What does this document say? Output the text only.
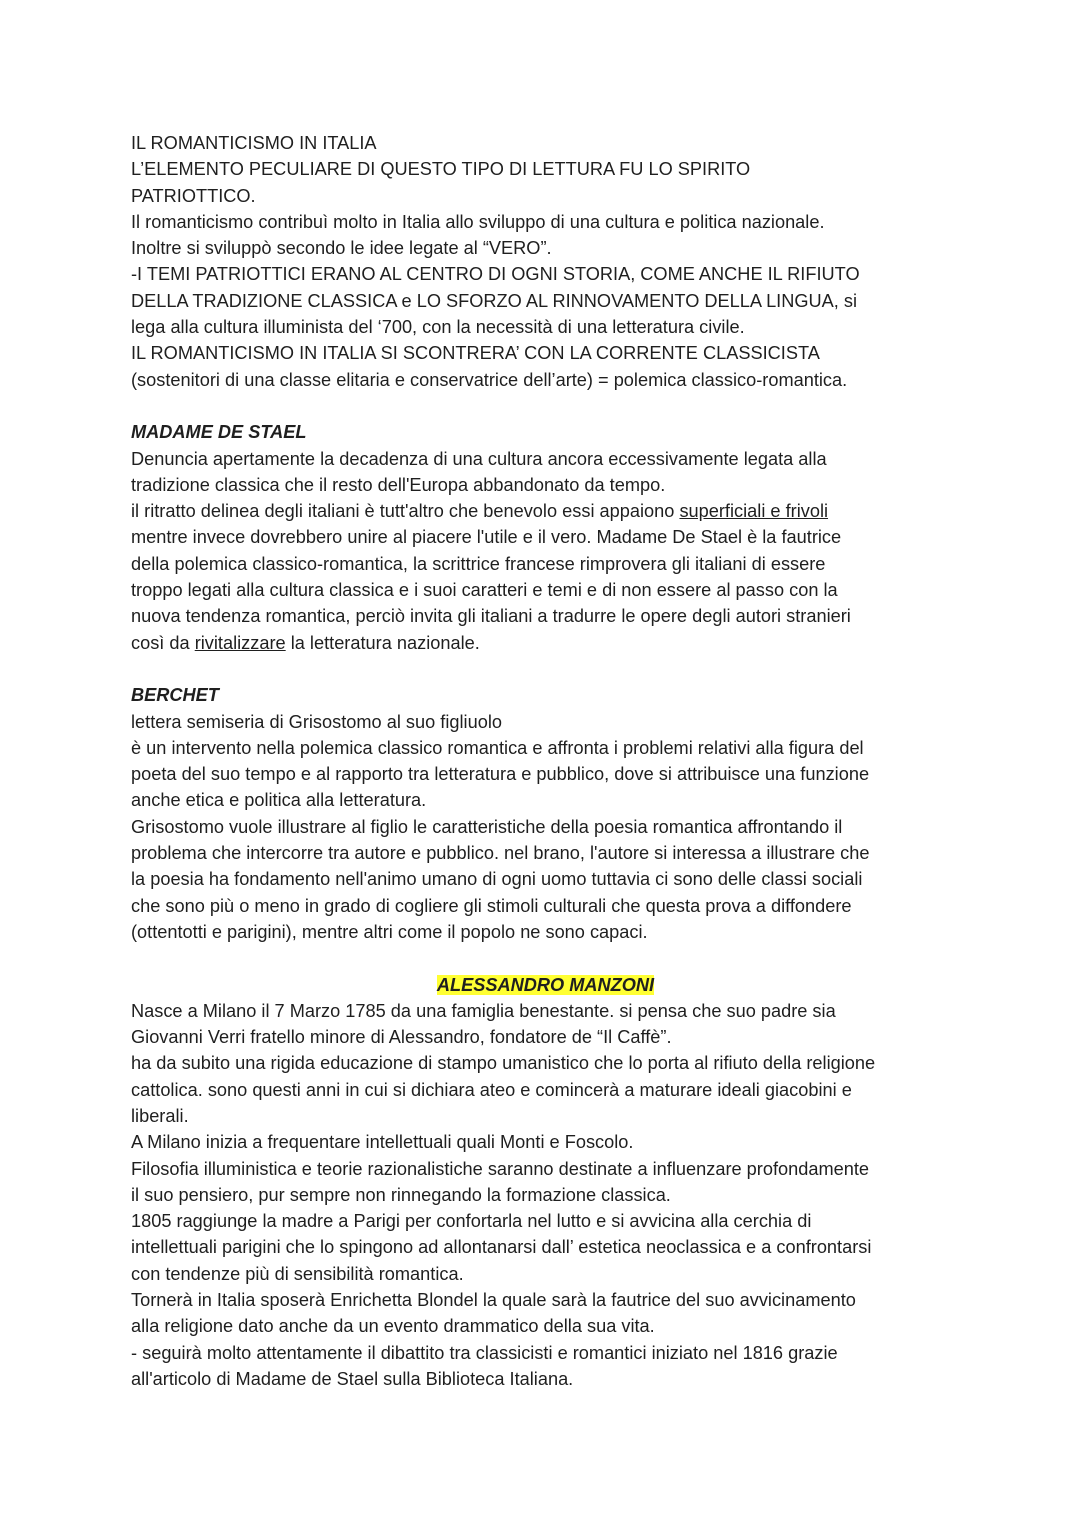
IL ROMANTICISMO IN ITALIA
L’ELEMENTO PECULIARE DI QUESTO TIPO DI LETTURA FU LO SPIRITO
PATRIOTTICO.
Il romanticismo contribuì molto in Italia allo sviluppo di una cultura e politica nazionale.
Inoltre si sviluppò secondo le idee legate al “VERO”.
-I TEMI PATRIOTTICI ERANO AL CENTRO DI OGNI STORIA, COME ANCHE IL RIFIUTO
DELLA TRADIZIONE CLASSICA e LO SFORZO AL RINNOVAMENTO DELLA LINGUA, si
lega alla cultura illuminista del ‘700, con la necessità di una letteratura civile.
IL ROMANTICISMO IN ITALIA SI SCONTRERA’ CON LA CORRENTE CLASSICISTA
(sostenitori di una classe elitaria e conservatrice dell’arte) = polemica classico-romantica.
MADAME DE STAEL
Denuncia apertamente la decadenza di una cultura ancora eccessivamente legata alla
tradizione classica che il resto dell'Europa abbandonato da tempo.
il ritratto delinea degli italiani è tutt'altro che benevolo essi appaiono superficiali e frivoli
mentre invece dovrebbero unire al piacere l'utile e il vero. Madame De Stael è la fautrice
della polemica classico-romantica, la scrittrice francese rimprovera gli italiani di essere
troppo legati alla cultura classica e i suoi caratteri e temi e di non essere al passo con la
nuova tendenza romantica, perciò invita gli italiani a tradurre le opere degli autori stranieri
così da rivitalizzare la letteratura nazionale.
BERCHET
lettera semiseria di Grisostomo al suo figliuolo
è un intervento nella polemica classico romantica e affronta i problemi relativi alla figura del
poeta del suo tempo e al rapporto tra letteratura e pubblico, dove si attribuisce una funzione
anche etica e politica alla letteratura.
Grisostomo vuole illustrare al figlio le caratteristiche della poesia romantica affrontando il
problema che intercorre tra autore e pubblico. nel brano, l'autore si interessa a illustrare che
la poesia ha fondamento nell'animo umano di ogni uomo tuttavia ci sono delle classi sociali
che sono più o meno in grado di cogliere gli stimoli culturali che questa prova a diffondere
(ottentotti e parigini), mentre altri come il popolo ne sono capaci.
ALESSANDRO MANZONI
Nasce a Milano il 7 Marzo 1785 da una famiglia benestante. si pensa che suo padre sia
Giovanni Verri fratello minore di Alessandro, fondatore de “Il Caffè”.
ha da subito una rigida educazione di stampo umanistico che lo porta al rifiuto della religione
cattolica. sono questi anni in cui si dichiara ateo e comincerà a maturare ideali giacobini e
liberali.
A Milano inizia a frequentare intellettuali quali Monti e Foscolo.
Filosofia illuministica e teorie razionalistiche saranno destinate a influenzare profondamente
il suo pensiero, pur sempre non rinnegando la formazione classica.
1805 raggiunge la madre a Parigi per confortarla nel lutto e si avvicina alla cerchia di
intellettuali parigini che lo spingono ad allontanarsi dall’ estetica neoclassica e a confrontarsi
con tendenze più di sensibilità romantica.
Tornerà in Italia sposerà Enrichetta Blondel la quale sarà la fautrice del suo avvicinamento
alla religione dato anche da un evento drammatico della sua vita.
- seguirà molto attentamente il dibattito tra classicisti e romantici iniziato nel 1816 grazie
all'articolo di Madame de Stael sulla Biblioteca Italiana.
